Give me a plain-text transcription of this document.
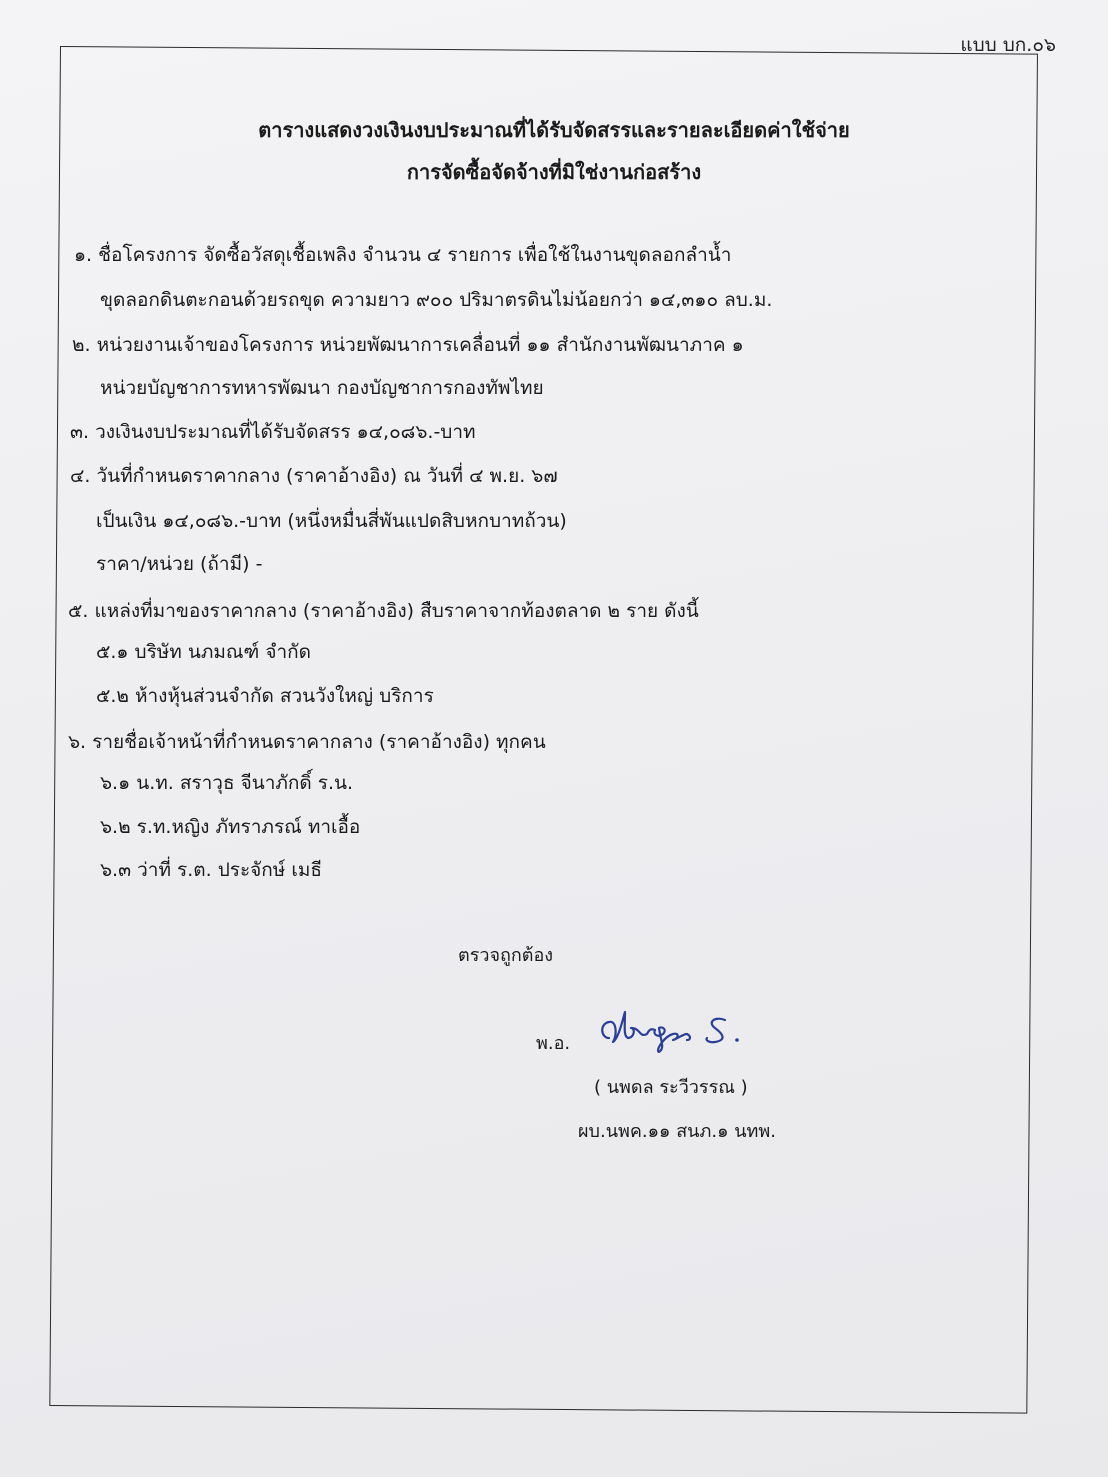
แบบ บก.๐๖
ตารางแสดงวงเงินงบประมาณที่ได้รับจัดสรรและรายละเอียดค่าใช้จ่าย
การจัดซื้อจัดจ้างที่มิใช่งานก่อสร้าง
๑. ชื่อโครงการ จัดซื้อวัสดุเชื้อเพลิง จำนวน ๔ รายการ เพื่อใช้ในงานขุดลอกลำน้ำ
ขุดลอกดินตะกอนด้วยรถขุด ความยาว ๙๐๐ ปริมาตรดินไม่น้อยกว่า ๑๔,๓๑๐ ลบ.ม.
๒. หน่วยงานเจ้าของโครงการ หน่วยพัฒนาการเคลื่อนที่ ๑๑ สำนักงานพัฒนาภาค ๑
หน่วยบัญชาการทหารพัฒนา กองบัญชาการกองทัพไทย
๓. วงเงินงบประมาณที่ได้รับจัดสรร ๑๔,๐๘๖.-บาท
๔. วันที่กำหนดราคากลาง (ราคาอ้างอิง) ณ วันที่ ๔ พ.ย. ๖๗
เป็นเงิน ๑๔,๐๘๖.-บาท (หนึ่งหมื่นสี่พันแปดสิบหกบาทถ้วน)
ราคา/หน่วย (ถ้ามี) -
๕. แหล่งที่มาของราคากลาง (ราคาอ้างอิง) สืบราคาจากท้องตลาด ๒ ราย ดังนี้
๕.๑ บริษัท นภมณฑ์ จำกัด
๕.๒ ห้างหุ้นส่วนจำกัด สวนวังใหญ่ บริการ
๖. รายชื่อเจ้าหน้าที่กำหนดราคากลาง (ราคาอ้างอิง) ทุกคน
๖.๑ น.ท. สราวุธ จีนาภักดิ์ ร.น.
๖.๒ ร.ท.หญิง ภัทราภรณ์ ทาเอื้อ
๖.๓ ว่าที่ ร.ต. ประจักษ์ เมธี
ตรวจถูกต้อง
พ.อ.
( นพดล ระวีวรรณ )
ผบ.นพค.๑๑ สนภ.๑ นทพ.
